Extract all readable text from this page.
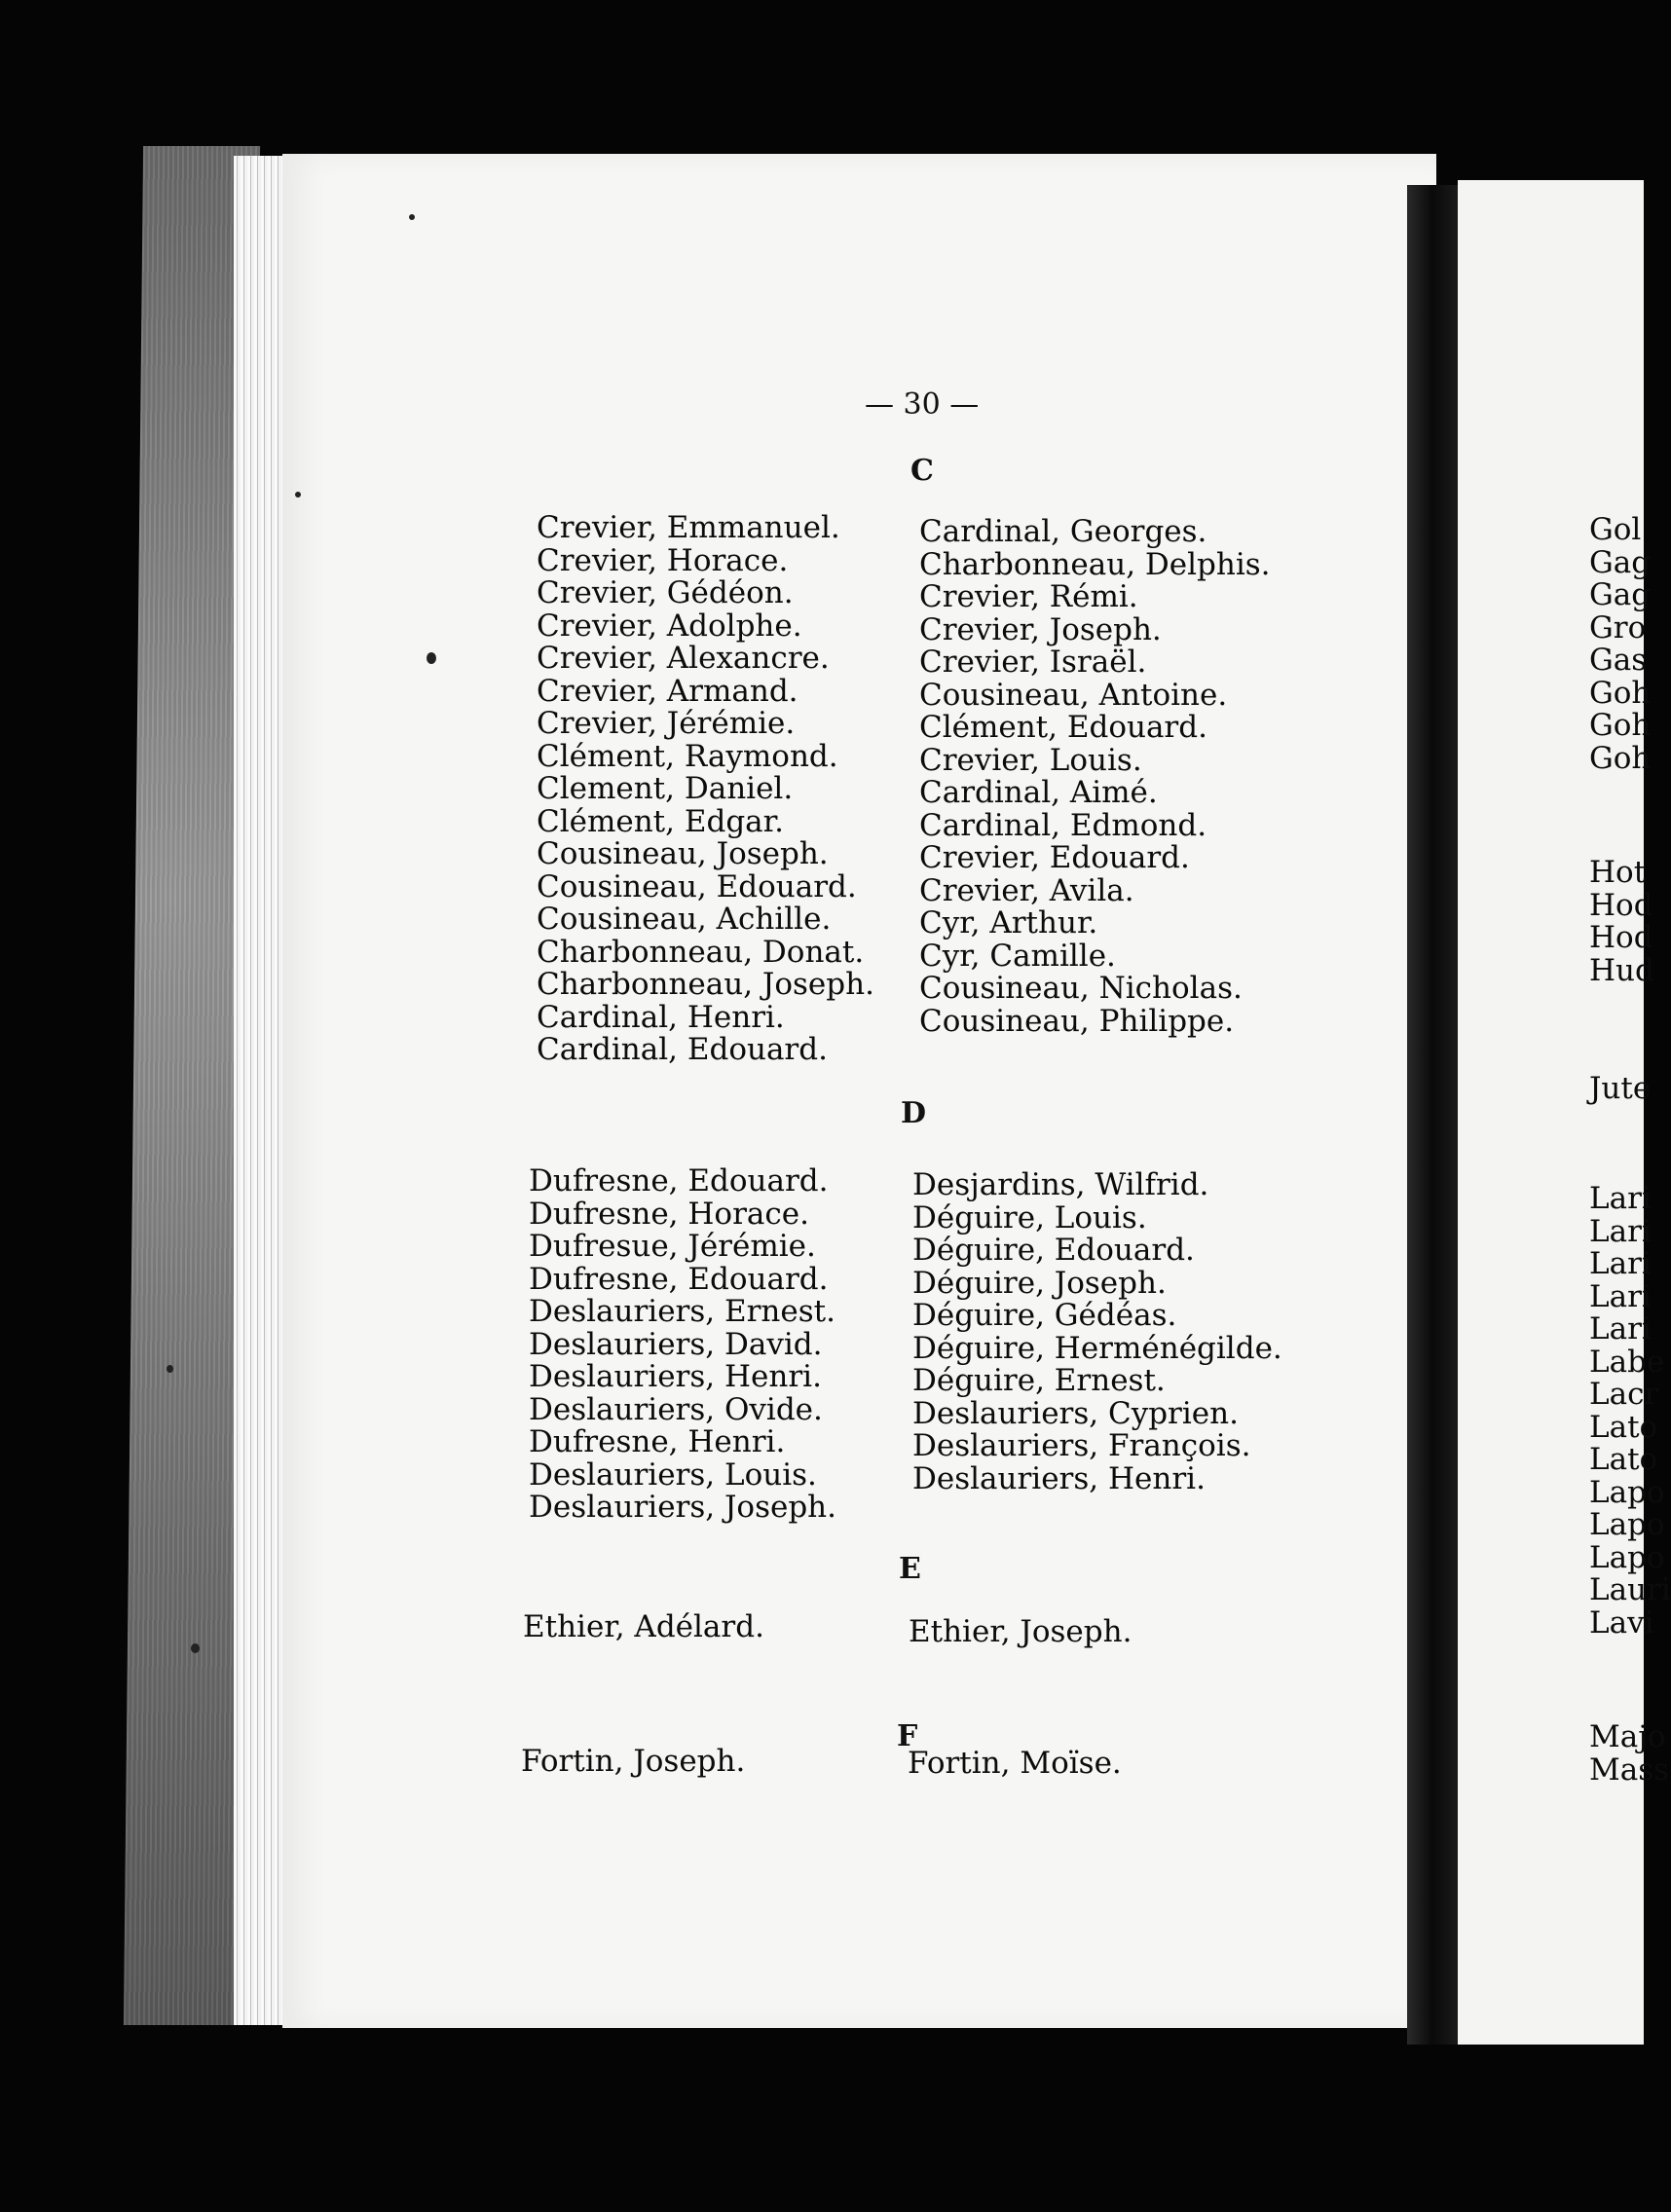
— 30 —
C
Crevier, Emmanuel.
Crevier, Horace.
Crevier, Gédéon.
Crevier, Adolphe.
Crevier, Alexancre.
Crevier, Armand.
Crevier, Jérémie.
Clément, Raymond.
Clement, Daniel.
Clément, Edgar.
Cousineau, Joseph.
Cousineau, Edouard.
Cousineau, Achille.
Charbonneau, Donat.
Charbonneau, Joseph.
Cardinal, Henri.
Cardinal, Edouard.
Cardinal, Georges.
Charbonneau, Delphis.
Crevier, Rémi.
Crevier, Joseph.
Crevier, Israël.
Cousineau, Antoine.
Clément, Edouard.
Crevier, Louis.
Cardinal, Aimé.
Cardinal, Edmond.
Crevier, Edouard.
Crevier, Avila.
Cyr, Arthur.
Cyr, Camille.
Cousineau, Nicholas.
Cousineau, Philippe.
D
Dufresne, Edouard.
Dufresne, Horace.
Dufresue, Jérémie.
Dufresne, Edouard.
Deslauriers, Ernest.
Deslauriers, David.
Deslauriers, Henri.
Deslauriers, Ovide.
Dufresne, Henri.
Deslauriers, Louis.
Deslauriers, Joseph.
Desjardins, Wilfrid.
Déguire, Louis.
Déguire, Edouard.
Déguire, Joseph.
Déguire, Gédéas.
Déguire, Herménégilde.
Déguire, Ernest.
Deslauriers, Cyprien.
Deslauriers, François.
Deslauriers, Henri.
E
Ethier, Adélard.	Ethier, Joseph.
F
Fortin, Joseph.	Fortin, Moïse.
Gol
Gag
Gag
Gro
Gas
Goh
Goh
Goh
Hot
Hod
Hod
Hud
Jute
Lari
Lari
Lari
Lari
Lari
Labe
Lacr
Lato
Lato
Lapo
Lapo
Lapo
Lauri
Lavi
Majo
Mass
